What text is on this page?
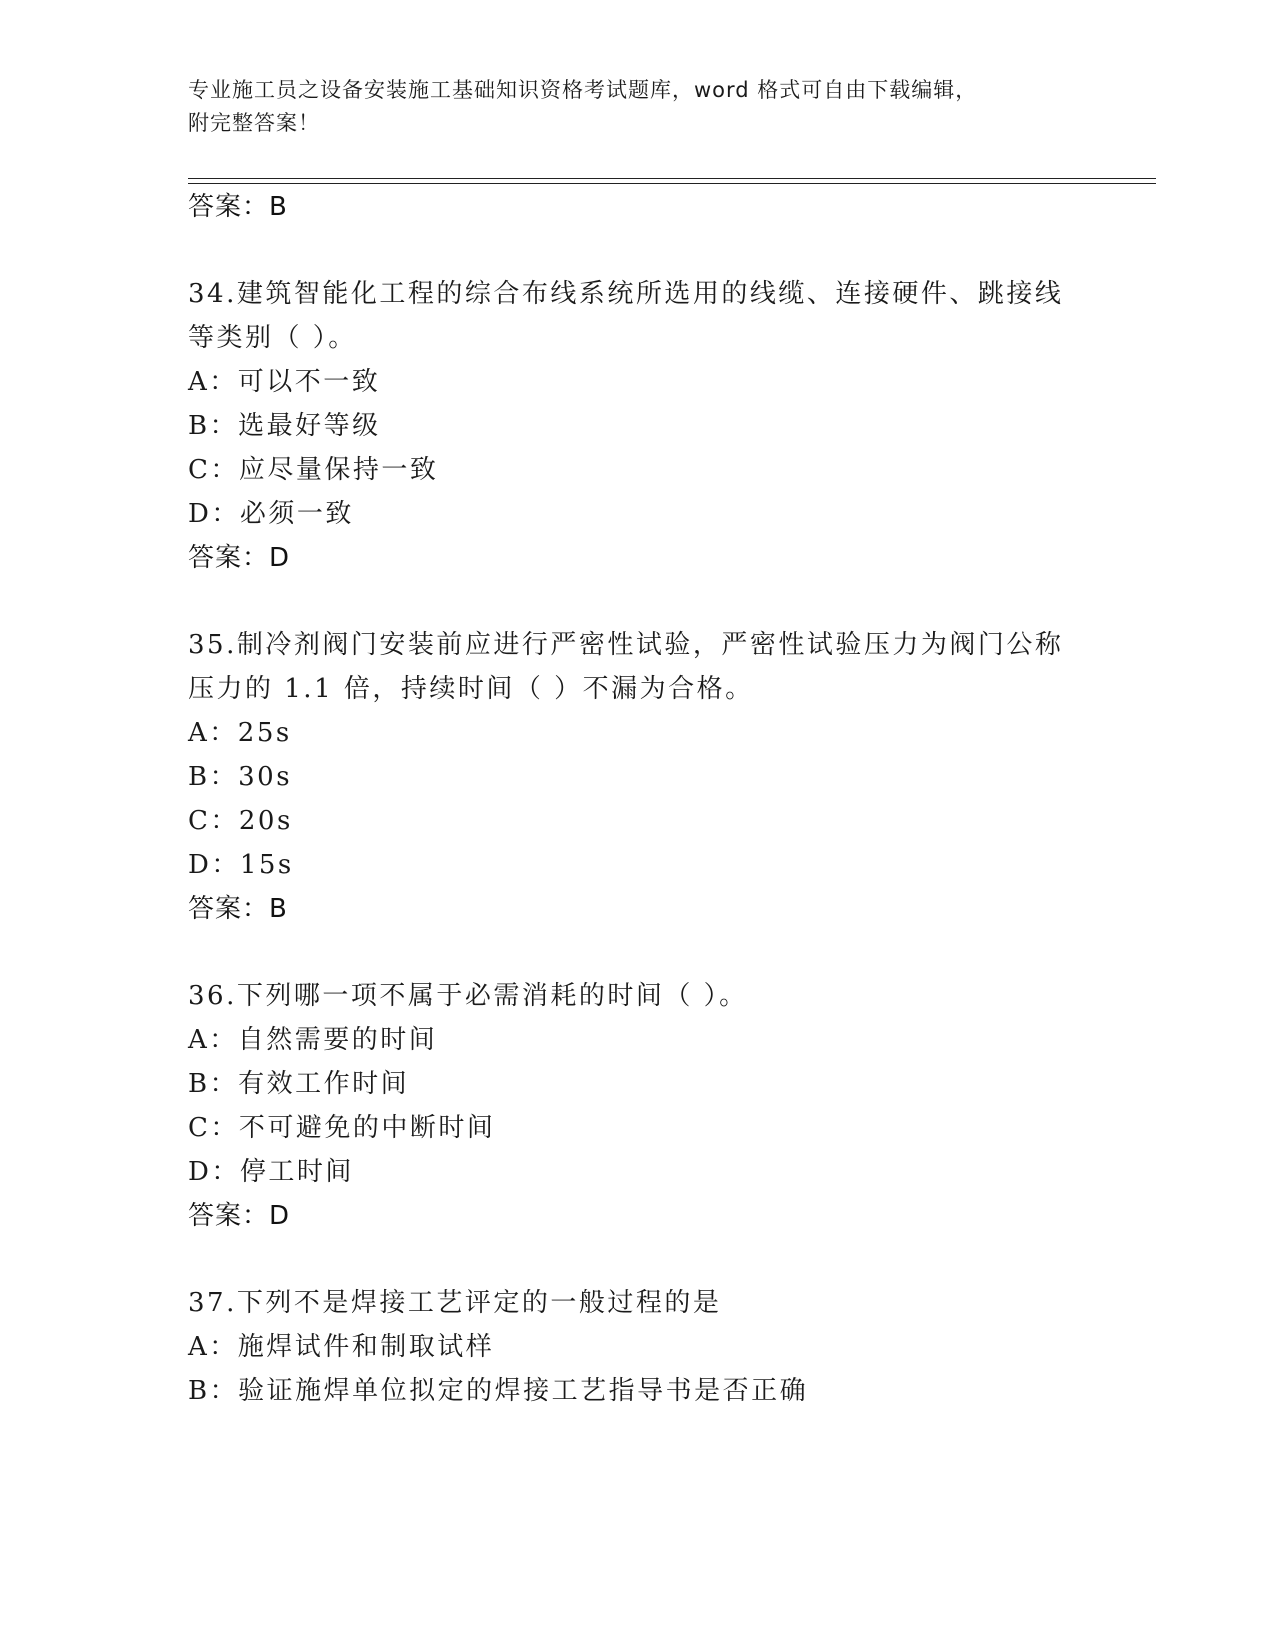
专业施工员之设备安装施工基础知识资格考试题库，word 格式可自由下载编辑，
附完整答案！
答案：B
34.建筑智能化工程的综合布线系统所选用的线缆、连接硬件、跳接线
等类别（ ）。
A：可以不一致
B：选最好等级
C：应尽量保持一致
D：必须一致
答案：D
35.制冷剂阀门安装前应进行严密性试验，严密性试验压力为阀门公称
压力的 1.1 倍，持续时间（ ）不漏为合格。
A：25s
B：30s
C：20s
D：15s
答案：B
36.下列哪一项不属于必需消耗的时间（ ）。
A：自然需要的时间
B：有效工作时间
C：不可避免的中断时间
D：停工时间
答案：D
37.下列不是焊接工艺评定的一般过程的是
A：施焊试件和制取试样
B：验证施焊单位拟定的焊接工艺指导书是否正确
